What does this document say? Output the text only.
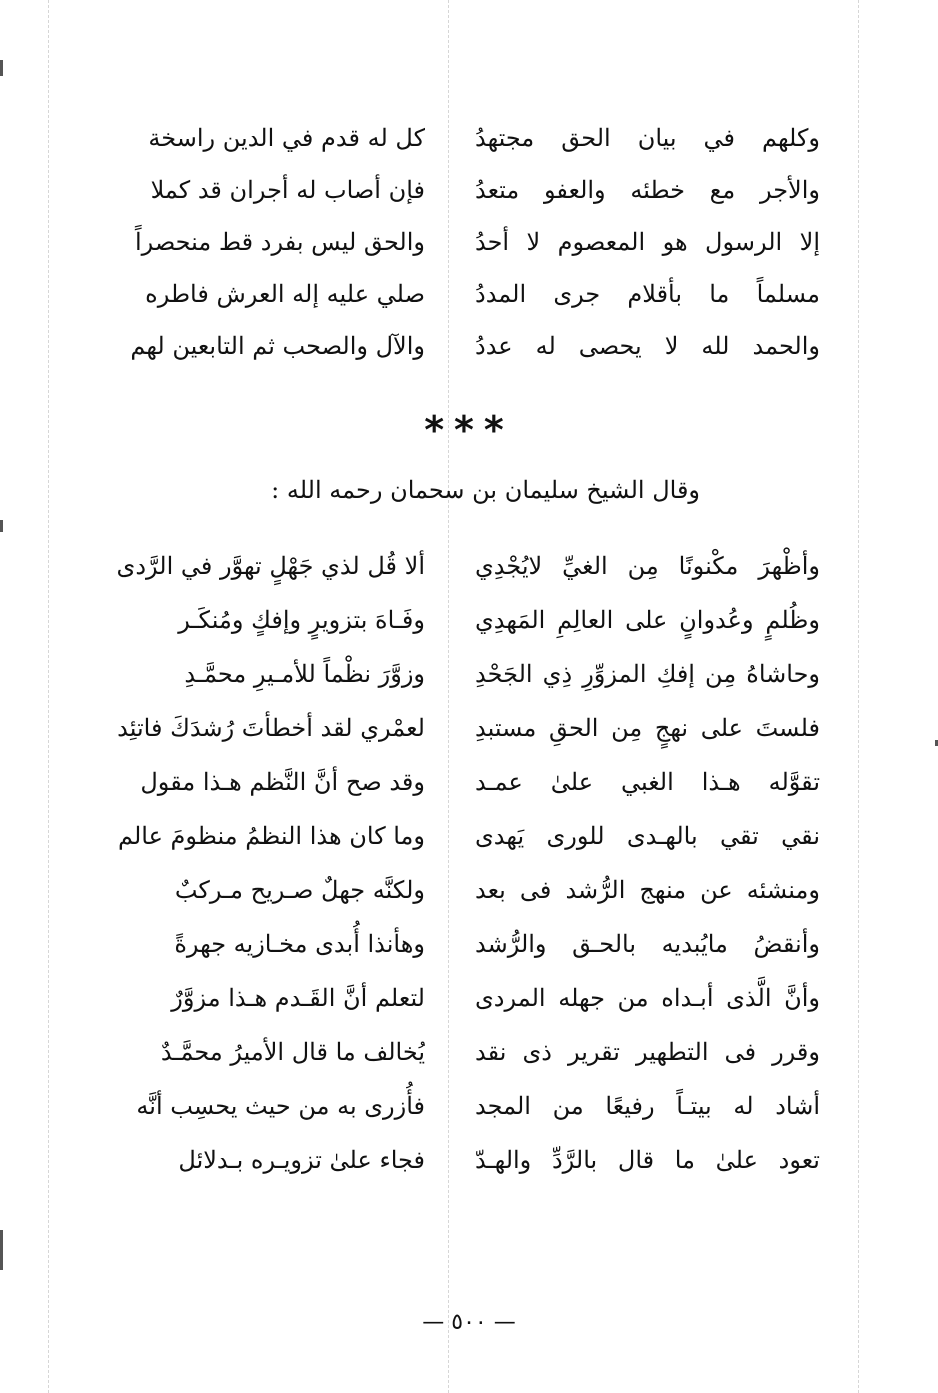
كل له قدم في الدين راسخة وكلهم في بيان الحق مجتهدُ
فإن أصاب له أجران قد كملا والأجر مع خطئه والعفو متعدُ
والحق ليس بفرد قط منحصراً إلا الرسول هو المعصوم لا أحدُ
صلي عليه إله العرش فاطره مسلماً ما بأقلام جرى المددُ
والآل والصحب ثم التابعين لهم والحمد لله لا يحصى له عددُ
***
وقال الشيخ سليمان بن سحمان رحمه الله :
ألا قُل لذي جَهْلٍ تهوَّر في الرَّدى وأظْهرَ مكْنونًا مِن الغيِّ لايُجْدِي
وفَـاهَ بتزويرٍ وإفكٍ ومُنكَـر وظُلمٍ وعُدوانٍ على العالِمِ المَهدِي
وزوَّرَ نظْماً للأمـيرِ محمَّـدِ وحاشاهُ مِن إفكِ المزوِّرِ ذِي الجَحْدِ
لعمْري لقد أخطأتَ رُشدَكَ فاتئِد فلستَ على نهجٍ مِن الحقِ مستبدِ
وقد صح أنَّ النَّظم هـذا مقول تقوَّله هـذا الغبي علىٰ عمـد
وما كان هذا النظمُ منظومَ عالم نقي تقي بالهـدى للورى يَهدى
ولكنَّه جهلٌ صـريح مـركبٌ ومنشئه عن منهج الرُّشد فى بعد
وهأنذا أُبدى مخـازيه جهرةً وأنقضُ مايُبديه بالحـق والرُّشد
لتعلم أنَّ القَـدم هـذا مزوَّرٌ وأنَّ الَّذى أبـداه من جهله المردى
يُخالف ما قال الأميرُ محمَّـدٌ وقرر فى التطهير تقرير ذى نقد
فأُزرى به من حيث يحسِب أنَّه أشاد له بيتـاً رفيعًا من المجد
فجاء علىٰ تزويـره بـدلائل تعود علىٰ ما قال بالرَّدِّ والهـدّ
— ٥٠٠ —
